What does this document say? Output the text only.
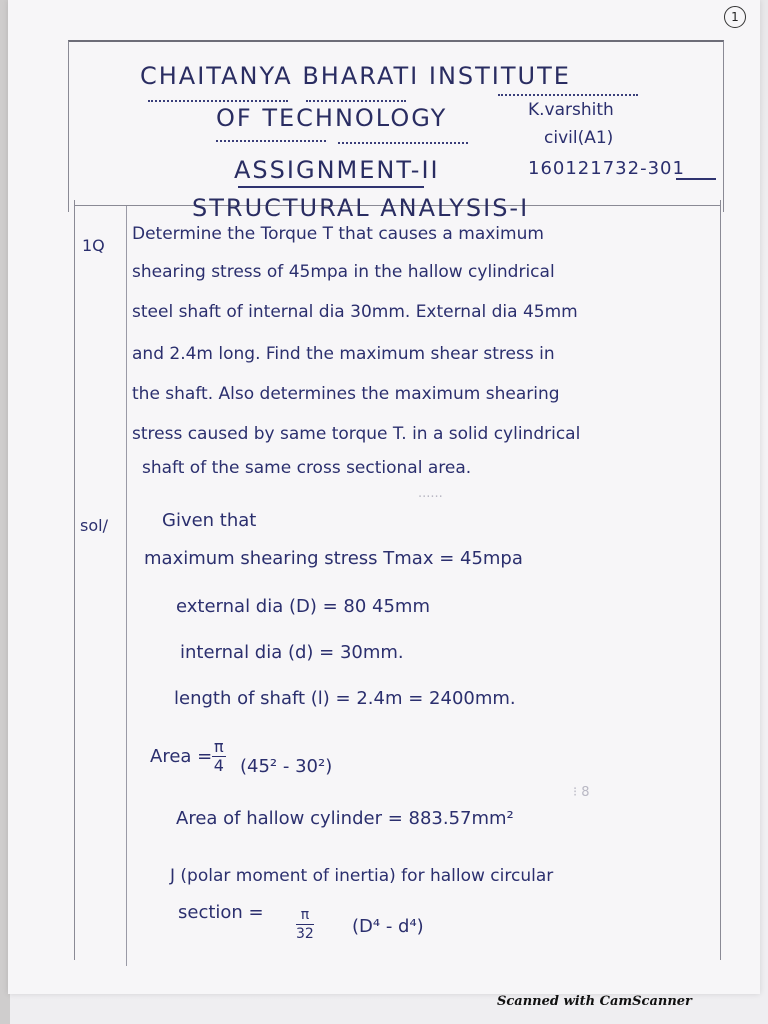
1
CHAITANYA BHARATI INSTITUTE
OF TECHNOLOGY	K.varshith
civil(A1)
ASSIGNMENT-II	160121732-301
STRUCTURAL ANALYSIS-I
1Q
Determine the Torque T that causes a maximum
shearing stress of 45mpa in the hallow cylindrical
steel shaft of internal dia 30mm. External dia 45mm
and 2.4m long. Find the maximum shear stress in
the shaft. Also determines the maximum shearing
stress caused by same torque T. in a solid cylindrical
shaft of the same cross sectional area.
······
⁝ 8
sol/	Given that
maximum shearing stress Tmax = 45mpa
external dia (D) = 80 45mm
internal dia (d) = 30mm.
length of shaft (l) = 2.4m = 2400mm.
Area = $\frac{\pi}{4} (45^2 - 30^2)$
Area of hallow cylinder = 883.57mm²
J (polar moment of inertia) for hallow circular
section = $\frac{\pi}{32} (D^4 - d^4)$
Scanned with CamScanner
